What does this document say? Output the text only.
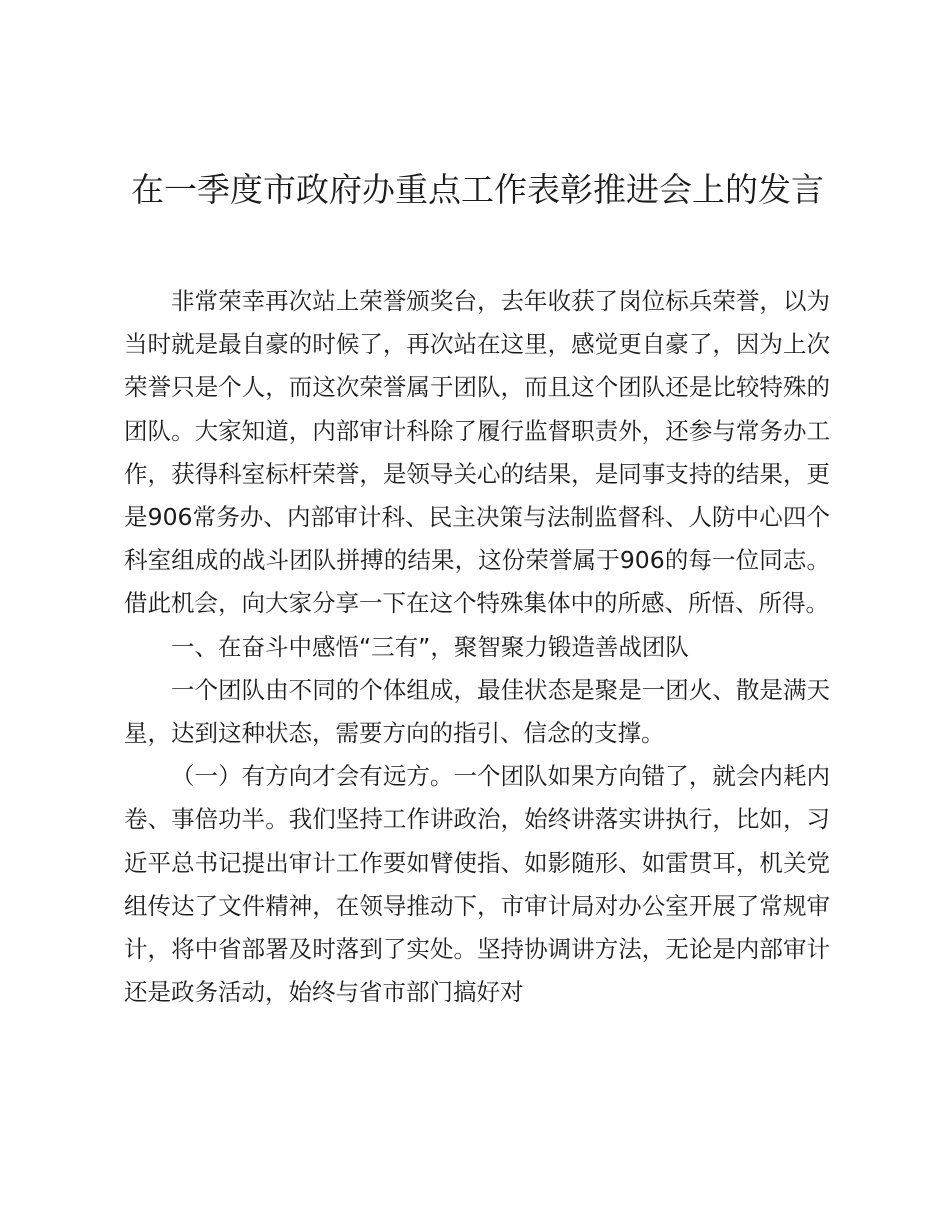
在一季度市政府办重点工作表彰推进会上的发言

非常荣幸再次站上荣誉颁奖台，去年收获了岗位标兵荣誉，以为当时就是最自豪的时候了，再次站在这里，感觉更自豪了，因为上次荣誉只是个人，而这次荣誉属于团队，而且这个团队还是比较特殊的团队。大家知道，内部审计科除了履行监督职责外，还参与常务办工作，获得科室标杆荣誉，是领导关心的结果，是同事支持的结果，更是906常务办、内部审计科、民主决策与法制监督科、人防中心四个科室组成的战斗团队拼搏的结果，这份荣誉属于906的每一位同志。借此机会，向大家分享一下在这个特殊集体中的所感、所悟、所得。

一、在奋斗中感悟“三有”，聚智聚力锻造善战团队

一个团队由不同的个体组成，最佳状态是聚是一团火、散是满天星，达到这种状态，需要方向的指引、信念的支撑。

（一）有方向才会有远方。一个团队如果方向错了，就会内耗内卷、事倍功半。我们坚持工作讲政治，始终讲落实讲执行，比如，习近平总书记提出审计工作要如臂使指、如影随形、如雷贯耳，机关党组传达了文件精神，在领导推动下，市审计局对办公室开展了常规审计，将中省部署及时落到了实处。坚持协调讲方法，无论是内部审计还是政务活动，始终与省市部门搞好对
